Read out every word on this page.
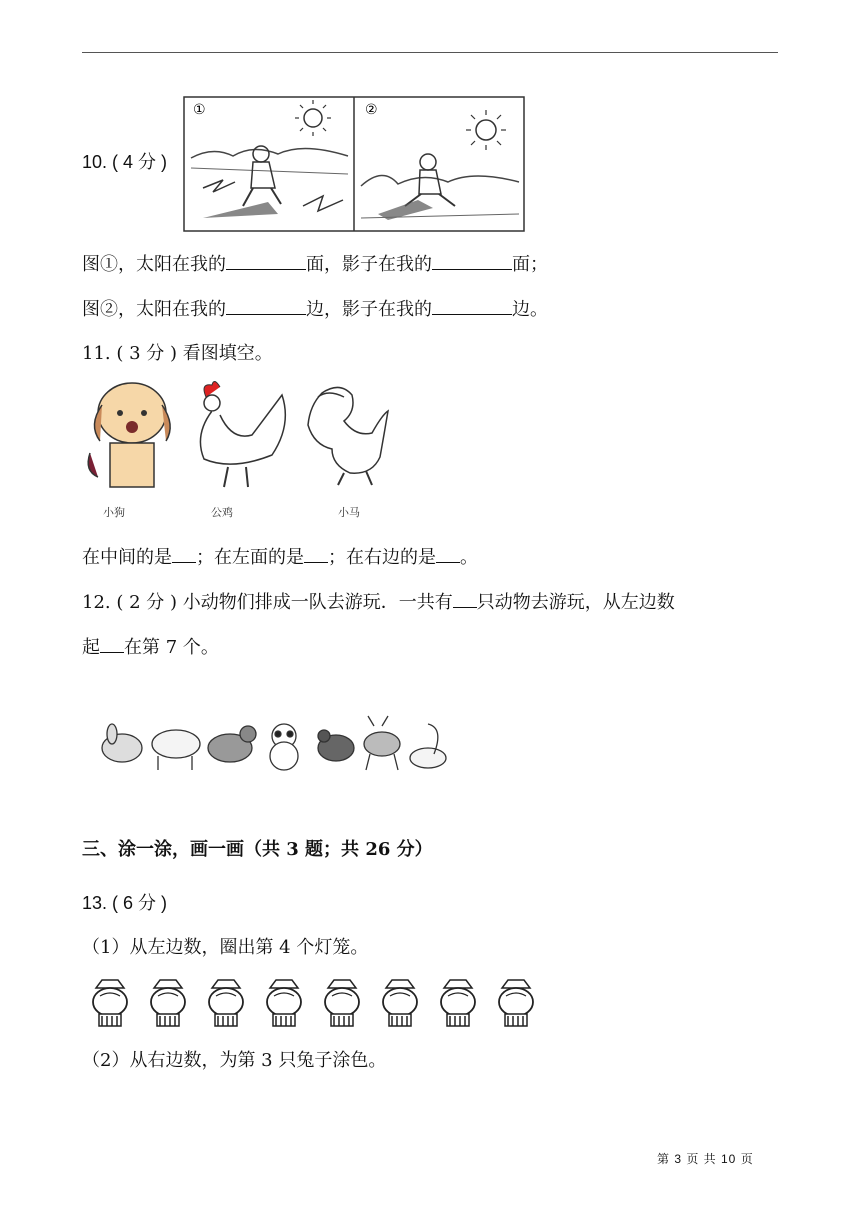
10. ( 4 分 )
①	②
图①，太阳在我的	面，影子在我的	面；
图②，太阳在我的	边，影子在我的	边。
11. ( 3 分 ) 看图填空。
小狗	公鸡	小马
在中间的是 ；在左面的是 ；在右边的是 。
12. ( 2 分 ) 小动物们排成一队去游玩．一共有 只动物去游玩，从左边数
起 在第 7 个。
三、涂一涂，画一画（共 3 题；共 26 分）
13. ( 6 分 )
（1）从左边数，圈出第 4 个灯笼。
（2）从右边数，为第 3 只兔子涂色。
第 3 页 共 10 页
